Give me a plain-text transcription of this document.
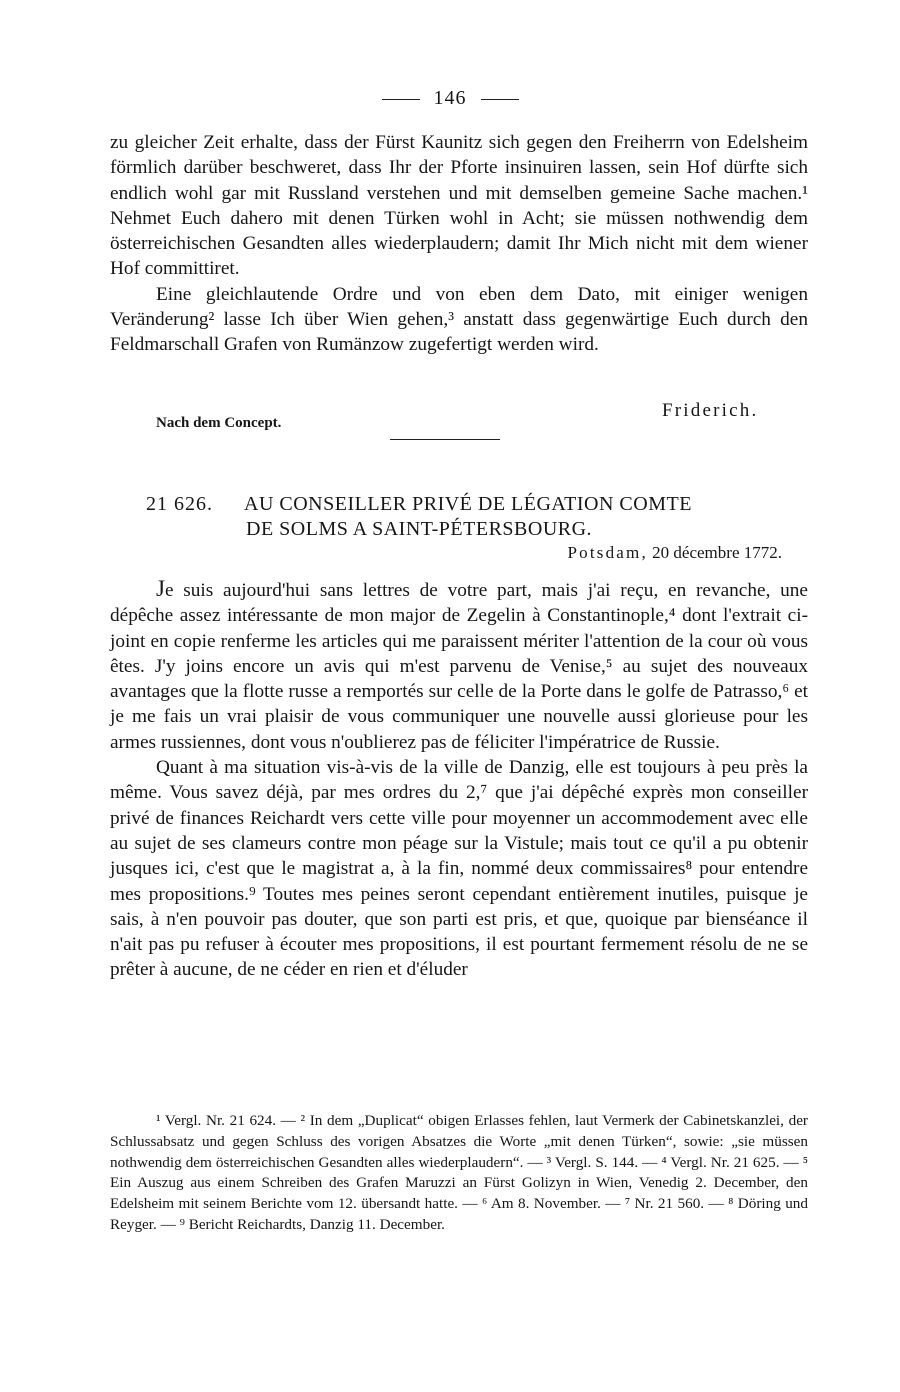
146

zu gleicher Zeit erhalte, dass der Fürst Kaunitz sich gegen den Freiherrn von Edelsheim förmlich darüber beschweret, dass Ihr der Pforte insinuiren lassen, sein Hof dürfte sich endlich wohl gar mit Russland verstehen und mit demselben gemeine Sache machen.¹ Nehmet Euch dahero mit denen Türken wohl in Acht; sie müssen nothwendig dem österreichischen Gesandten alles wiederplaudern; damit Ihr Mich nicht mit dem wiener Hof committiret.

Eine gleichlautende Ordre und von eben dem Dato, mit einiger wenigen Veränderung² lasse Ich über Wien gehen,³ anstatt dass gegenwärtige Euch durch den Feldmarschall Grafen von Rumänzow zugefertigt werden wird.

Friderich.
Nach dem Concept.
21 626. AU CONSEILLER PRIVÉ DE LÉGATION COMTE
DE SOLMS A SAINT-PÉTERSBOURG.
Potsdam, 20 décembre 1772.

Je suis aujourd'hui sans lettres de votre part, mais j'ai reçu, en revanche, une dépêche assez intéressante de mon major de Zegelin à Constantinople,⁴ dont l'extrait ci-joint en copie renferme les articles qui me paraissent mériter l'attention de la cour où vous êtes. J'y joins encore un avis qui m'est parvenu de Venise,⁵ au sujet des nouveaux avantages que la flotte russe a remportés sur celle de la Porte dans le golfe de Patrasso,⁶ et je me fais un vrai plaisir de vous communiquer une nouvelle aussi glorieuse pour les armes russiennes, dont vous n'oublierez pas de féliciter l'impératrice de Russie.

Quant à ma situation vis-à-vis de la ville de Danzig, elle est toujours à peu près la même. Vous savez déjà, par mes ordres du 2,⁷ que j'ai dépêché exprès mon conseiller privé de finances Reichardt vers cette ville pour moyenner un accommodement avec elle au sujet de ses clameurs contre mon péage sur la Vistule; mais tout ce qu'il a pu obtenir jusques ici, c'est que le magistrat a, à la fin, nommé deux commissaires⁸ pour entendre mes propositions.⁹ Toutes mes peines seront cependant entièrement inutiles, puisque je sais, à n'en pouvoir pas douter, que son parti est pris, et que, quoique par bienséance il n'ait pas pu refuser à écouter mes propositions, il est pourtant fermement résolu de ne se prêter à aucune, de ne céder en rien et d'éluder

¹ Vergl. Nr. 21 624. — ² In dem „Duplicat“ obigen Erlasses fehlen, laut Vermerk der Cabinetskanzlei, der Schlussabsatz und gegen Schluss des vorigen Absatzes die Worte „mit denen Türken“, sowie: „sie müssen nothwendig dem österreichischen Gesandten alles wiederplaudern“. — ³ Vergl. S. 144. — ⁴ Vergl. Nr. 21 625. — ⁵ Ein Auszug aus einem Schreiben des Grafen Maruzzi an Fürst Golizyn in Wien, Venedig 2. December, den Edelsheim mit seinem Berichte vom 12. übersandt hatte. — ⁶ Am 8. November. — ⁷ Nr. 21 560. — ⁸ Döring und Reyger. — ⁹ Bericht Reichardts, Danzig 11. December.
